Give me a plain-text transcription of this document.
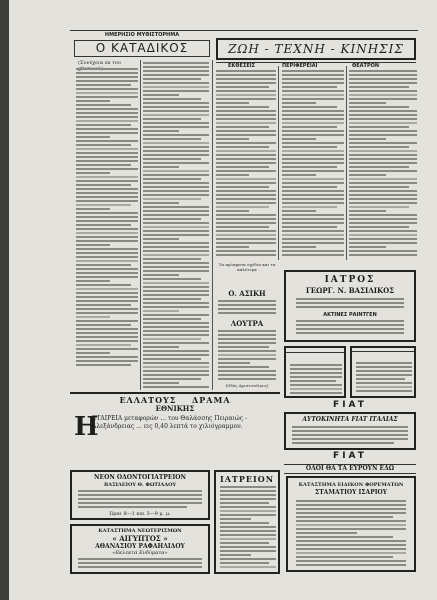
ΗΜΕΡΗΣΙΟ ΜΥΘΙΣΤΟΡΗΜΑ
Ο ΚΑΤΑΔΙΚΟΣ	ΖΩΗ - ΤΕΧΝΗ - ΚΙΝΗΣΙΣ
ΕΚΘΕΣΕΙΣ	ΠΕΡΙΦΕΡΕΙΑΙ	ΘΕΑΤΡΟΝ
(Συνέχεια εκ του
Τα πρόσφατα σχέδια και τα καλύτερα
Ο. ΑΣΙΚΗ
ΛΟΥΤΡΑ
(Οδός Αριστοτέλους)
ΙΑΤΡΟΣ
ΓΕΩΡΓ. Ν. ΒΑΣΙΛΙΚΟΣ
ΑΚΤΙΝΕΣ ΡΑΙΝΤΓΕΝ
FIAT
ΑΥΤΟΚΙΝΗΤΑ FIAT ΙΤΑΛΙΑΣ
FIAT
ΟΛΟΙ ΘΑ ΤΑ ΕΥΡΟΥΝ ΕΔΩ
ΚΑΤΑΣΤΗΜΑ ΕΙΔΙΚΟΝ ΦΟΡΕΜΑΤΩΝ
ΣΤΑΜΑΤΙΟΥ ΙΣΑΡΙΟΥ
ΕΛΛΑΤΟΥΣ ΔΡΑΜΑ
ΕΘΝΙΚΗΣ
Η
ΕΤΑΙΡΕΙΑ μεταφορών ... του Θαλάσσης Πειραιώς - Αλεξάνδρειας ... εις 0,40 λεπτά το χιλιόγραμμον.
ΝΕΟΝ ΟΔΟΝΤΟΓΙΑΤΡΕΙΟΝ
ΒΑΣΙΛΕΙΟΥ Θ. ΦΩΤΙΑΔΟΥ
Ώραι 8—1 και 3—9 μ. μ.
ΙΑΤΡΕΙΟΝ
ΚΑΤΑΣΤΗΜΑ ΝΕΩΤΕΡΙΣΜΩΝ
« ΑΙΓΥΠΤΟΣ »
ΑΘΑΝΑΣΙΟΥ ΡΑΦΑΗΛΙΔΟΥ
«Εκλεκτά Ενδύματα»
